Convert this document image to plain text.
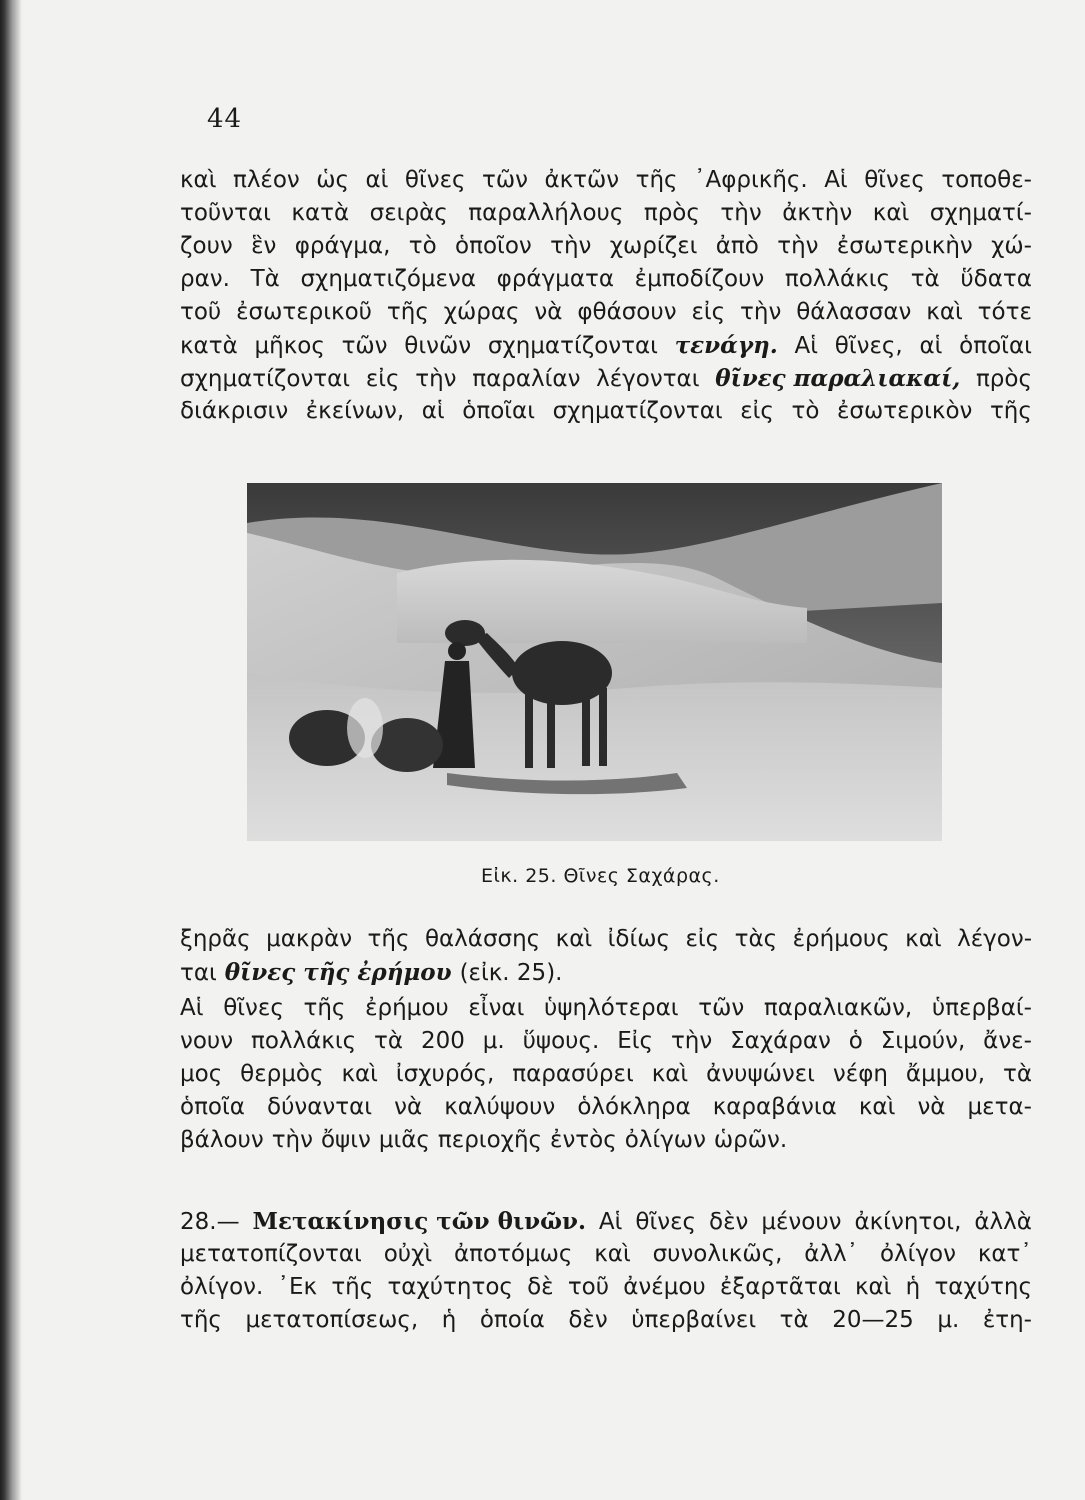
44
καὶ πλέον ὡς αἱ θῖνες τῶν ἀκτῶν τῆς ᾿Αφρικῆς. Αἱ θῖνες τοποθε-
τοῦνται κατὰ σειρὰς παραλλήλους πρὸς τὴν ἀκτὴν καὶ σχηματί-
ζουν ἓν φράγμα, τὸ ὁποῖον τὴν χωρίζει ἀπὸ τὴν ἐσωτερικὴν χώ-
ραν. Τὰ σχηματιζόμενα φράγματα ἐμποδίζουν πολλάκις τὰ ὕδατα
τοῦ ἐσωτερικοῦ τῆς χώρας νὰ φθάσουν εἰς τὴν θάλασσαν καὶ τότε
κατὰ μῆκος τῶν θινῶν σχηματίζονται τενάγη. Αἱ θῖνες, αἱ ὁποῖαι
σχηματίζονται εἰς τὴν παραλίαν λέγονται θῖνες παραλιακαί, πρὸς
διάκρισιν ἐκείνων, αἱ ὁποῖαι σχηματίζονται εἰς τὸ ἐσωτερικὸν τῆς
Εἰκ. 25. Θῖνες Σαχάρας.
ξηρᾶς μακρὰν τῆς θαλάσσης καὶ ἰδίως εἰς τὰς ἐρήμους καὶ λέγον-
ται θῖνες τῆς ἐρήμου (εἰκ. 25).
Αἱ θῖνες τῆς ἐρήμου εἶναι ὑψηλότεραι τῶν παραλιακῶν, ὑπερβαί-
νουν πολλάκις τὰ 200 μ. ὕψους. Εἰς τὴν Σαχάραν ὁ Σιμούν, ἄνε-
μος θερμὸς καὶ ἰσχυρός, παρασύρει καὶ ἀνυψώνει νέφη ἄμμου, τὰ
ὁποῖα δύνανται νὰ καλύψουν ὁλόκληρα καραβάνια καὶ νὰ μετα-
βάλουν τὴν ὄψιν μιᾶς περιοχῆς ἐντὸς ὀλίγων ὡρῶν.
28.— Μετακίνησις τῶν θινῶν. Αἱ θῖνες δὲν μένουν ἀκίνητοι, ἀλλὰ
μετατοπίζονται οὐχὶ ἀποτόμως καὶ συνολικῶς, ἀλλ᾿ ὀλίγον κατ᾿
ὀλίγον. ᾿Εκ τῆς ταχύτητος δὲ τοῦ ἀνέμου ἐξαρτᾶται καὶ ἡ ταχύτης
τῆς μετατοπίσεως, ἡ ὁποία δὲν ὑπερβαίνει τὰ 20—25 μ. ἐτη-
